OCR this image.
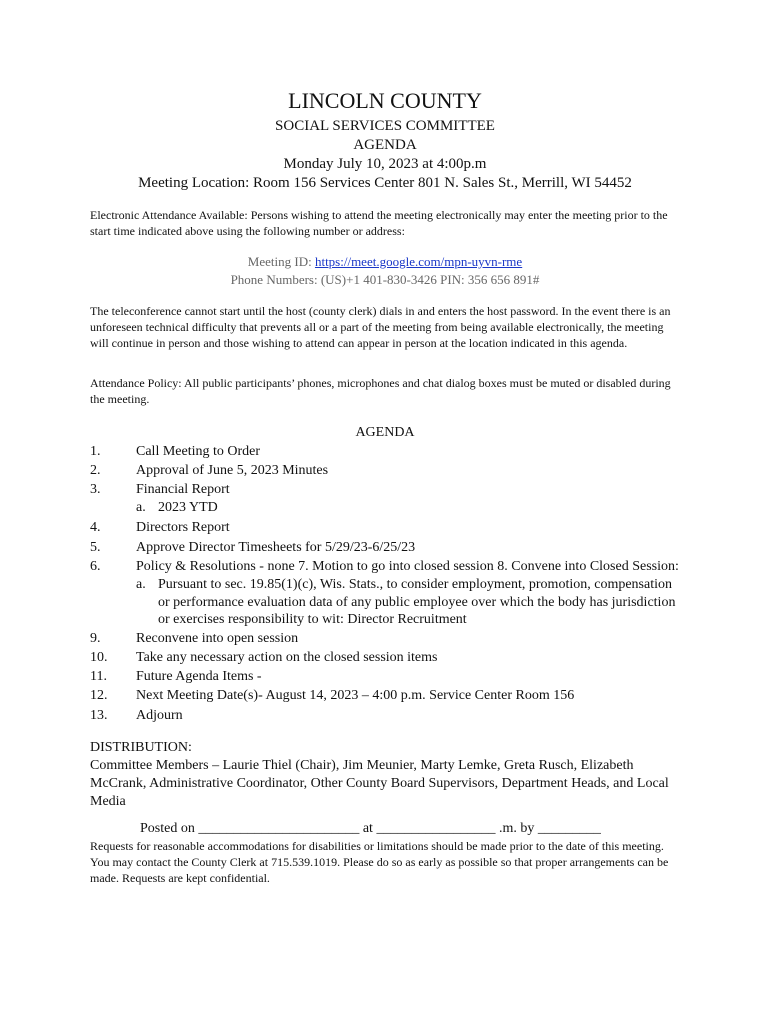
LINCOLN COUNTY
SOCIAL SERVICES COMMITTEE
AGENDA
Monday July 10, 2023 at 4:00p.m
Meeting Location: Room 156 Services Center 801 N. Sales St., Merrill, WI 54452
Electronic Attendance Available: Persons wishing to attend the meeting electronically may enter the meeting prior to the start time indicated above using the following number or address:
Meeting ID: https://meet.google.com/mpn-uyvn-rme
Phone Numbers: (US)+1 401-830-3426 PIN: 356 656 891#
The teleconference cannot start until the host (county clerk) dials in and enters the host password. In the event there is an unforeseen technical difficulty that prevents all or a part of the meeting from being available electronically, the meeting will continue in person and those wishing to attend can appear in person at the location indicated in this agenda.
Attendance Policy: All public participants’ phones, microphones and chat dialog boxes must be muted or disabled during the meeting.
AGENDA
1.	Call Meeting to Order
2.	Approval of June 5, 2023 Minutes
3.	Financial Report
a. 2023 YTD
4.	Directors Report
5.	Approve Director Timesheets for 5/29/23-6/25/23
6.	Policy & Resolutions - none 7. Motion to go into closed session 8. Convene into Closed Session:
a. Pursuant to sec. 19.85(1)(c), Wis. Stats., to consider employment, promotion, compensation
or performance evaluation data of any public employee over which the body has jurisdiction
or exercises responsibility to wit: Director Recruitment
9.	Reconvene into open session
10. Take any necessary action on the closed session items
11. Future Agenda Items -
12. Next Meeting Date(s)- August 14, 2023 – 4:00 p.m. Service Center Room 156
13. Adjourn
DISTRIBUTION:
Committee Members – Laurie Thiel (Chair), Jim Meunier, Marty Lemke, Greta Rusch, Elizabeth McCrank, Administrative Coordinator, Other County Board Supervisors, Department Heads, and Local Media
Posted on _______________________ at _________________ .m. by _________
Requests for reasonable accommodations for disabilities or limitations should be made prior to the date of this meeting. You may contact the County Clerk at 715.539.1019. Please do so as early as possible so that proper arrangements can be made. Requests are kept confidential.
